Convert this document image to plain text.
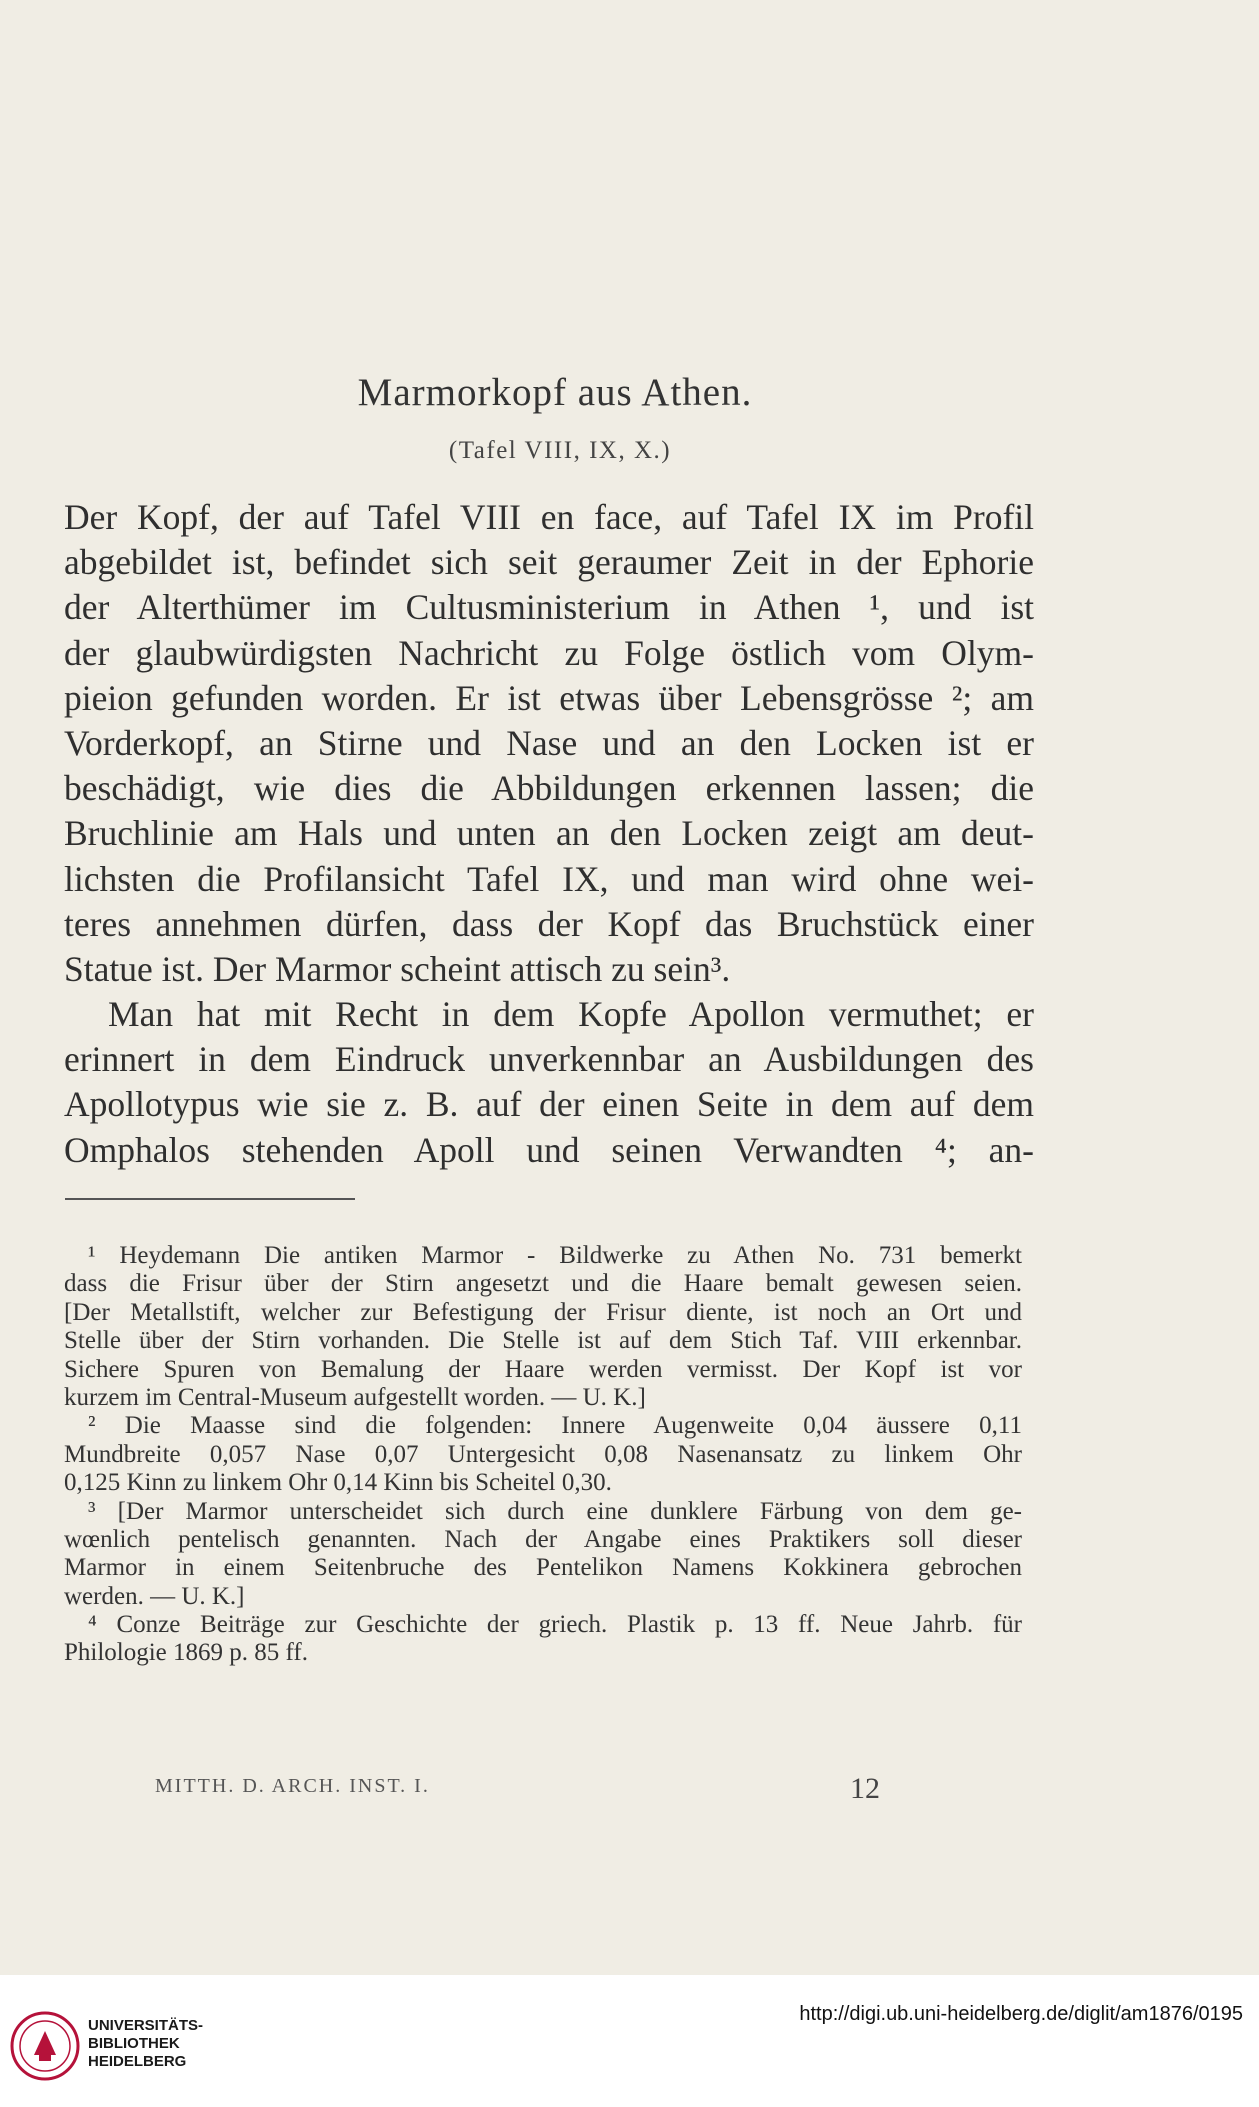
Marmorkopf aus Athen.
(Tafel VIII, IX, X.)
Der Kopf, der auf Tafel VIII en face, auf Tafel IX im Profil
abgebildet ist, befindet sich seit geraumer Zeit in der Ephorie
der Alterthümer im Cultusministerium in Athen ¹, und ist
der glaubwürdigsten Nachricht zu Folge östlich vom Olym-
pieion gefunden worden. Er ist etwas über Lebensgrösse ²; am
Vorderkopf, an Stirne und Nase und an den Locken ist er
beschädigt, wie dies die Abbildungen erkennen lassen; die
Bruchlinie am Hals und unten an den Locken zeigt am deut-
lichsten die Profilansicht Tafel IX, und man wird ohne wei-
teres annehmen dürfen, dass der Kopf das Bruchstück einer
Statue ist. Der Marmor scheint attisch zu sein³.
Man hat mit Recht in dem Kopfe Apollon vermuthet; er
erinnert in dem Eindruck unverkennbar an Ausbildungen des
Apollotypus wie sie z. B. auf der einen Seite in dem auf dem
Omphalos stehenden Apoll und seinen Verwandten ⁴; an-
¹ Heydemann Die antiken Marmor - Bildwerke zu Athen No. 731 bemerkt
dass die Frisur über der Stirn angesetzt und die Haare bemalt gewesen seien.
[Der Metallstift, welcher zur Befestigung der Frisur diente, ist noch an Ort und
Stelle über der Stirn vorhanden. Die Stelle ist auf dem Stich Taf. VIII erkennbar.
Sichere Spuren von Bemalung der Haare werden vermisst. Der Kopf ist vor
kurzem im Central-Museum aufgestellt worden. — U. K.]
² Die Maasse sind die folgenden: Innere Augenweite 0,04 äussere 0,11
Mundbreite 0,057 Nase 0,07 Untergesicht 0,08 Nasenansatz zu linkem Ohr
0,125 Kinn zu linkem Ohr 0,14 Kinn bis Scheitel 0,30.
³ [Der Marmor unterscheidet sich durch eine dunklere Färbung von dem ge-
wœnlich pentelisch genannten. Nach der Angabe eines Praktikers soll dieser
Marmor in einem Seitenbruche des Pentelikon Namens Kokkinera gebrochen
werden. — U. K.]
⁴ Conze Beiträge zur Geschichte der griech. Plastik p. 13 ff. Neue Jahrb. für
Philologie 1869 p. 85 ff.
MITTH. D. ARCH. INST. I.	12
UNIVERSITÄTS-
BIBLIOTHEK
HEIDELBERG
http://digi.ub.uni-heidelberg.de/diglit/am1876/0195
